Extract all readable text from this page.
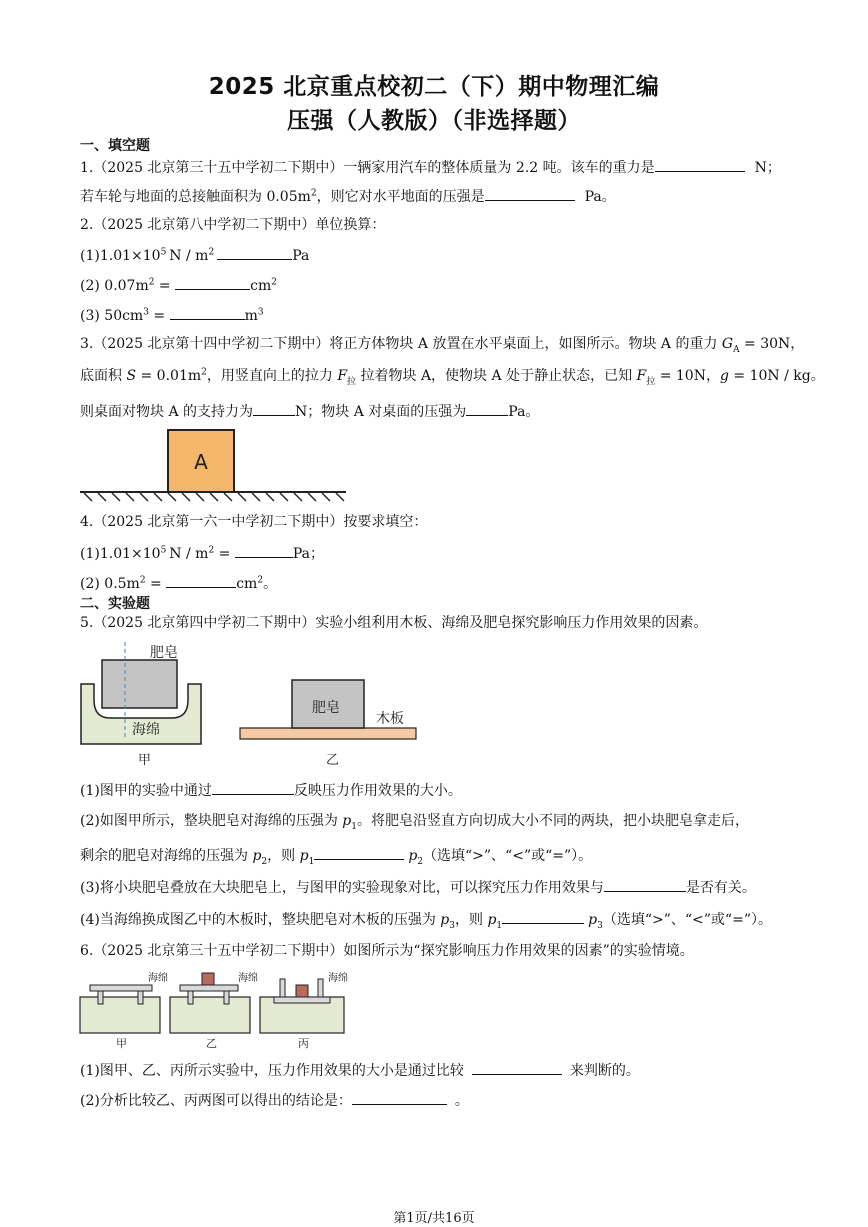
2025 北京重点校初二（下）期中物理汇编
压强（人教版）（非选择题）
一、填空题
1.（2025 北京第三十五中学初二下期中）一辆家用汽车的整体质量为 2.2 吨。该车的重力是	N；
若车轮与地面的总接触面积为 $0.05m^2$，则它对水平地面的压强是	Pa。
2.（2025 北京第八中学初二下期中）单位换算：
$(1)1.01\times 10^5$ N / $m^2$	Pa
(2) $0.07m^2$ =	$cm^2$
(3) $50cm^3$ =	$m^3$
3.（2025 北京第十四中学初二下期中）将正方体物块 A 放置在水平桌面上，如图所示。物块 A 的重力 $G_A = 30N$，
底面积 $S = 0.01m^2$，用竖直向上的拉力 $F_拉$ 拉着物块 A，使物块 A 处于静止状态，已知 $F_拉 = 10N$，g = 10N / kg。
则桌面对物块 A 的支持力为	N；物块 A 对桌面的压强为	Pa。
A
4.（2025 北京第一六一中学初二下期中）按要求填空：
$(1)1.01\times 10^5$ N / $m^2$ =	Pa；
(2) $0.5m^2$ =	$cm^2$。
二、实验题
5.（2025 北京第四中学初二下期中）实验小组利用木板、海绵及肥皂探究影响压力作用效果的因素。
肥皂
海绵
甲
肥皂
木板
乙
(1)图甲的实验中通过	反映压力作用效果的大小。
(2)如图甲所示，整块肥皂对海绵的压强为 $p_1$。将肥皂沿竖直方向切成大小不同的两块，把小块肥皂拿走后，
剩余的肥皂对海绵的压强为 $p_2$，则 $p_1$	$p_2$（选填“>”、“<”或“=”）。
(3)将小块肥皂叠放在大块肥皂上，与图甲的实验现象对比，可以探究压力作用效果与	是否有关。
(4)当海绵换成图乙中的木板时，整块肥皂对木板的压强为 $p_3$，则 $p_1$	$p_3$（选填“>”、“<”或“=”）。
6.（2025 北京第三十五中学初二下期中）如图所示为“探究影响压力作用效果的因素”的实验情境。
海绵
甲
海绵
乙
海绵
丙
(1)图甲、乙、丙所示实验中，压力作用效果的大小是通过比较	来判断的。
(2)分析比较乙、丙两图可以得出的结论是：	。
第1页/共16页
